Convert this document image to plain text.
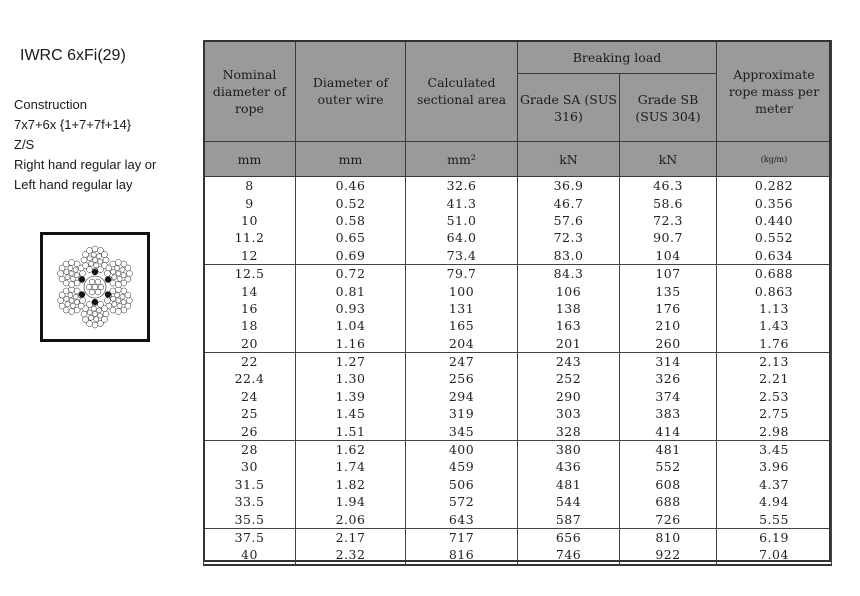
IWRC 6xFi(29)
Construction
7x7+6x {1+7+7f+14}
Z/S
Right hand regular lay or
Left hand regular lay
Nominal diameter of rope	Diameter of outer wire	Calculated sectional area	Breaking load		Approximate rope mass per meter
			Grade SA (SUS 316)	Grade SB (SUS 304)	
mm	mm	mm²	kN	kN	(kg/m)
8	0.46	32.6	36.9	46.3	0.282
9	0.52	41.3	46.7	58.6	0.356
10	0.58	51.0	57.6	72.3	0.440
11.2	0.65	64.0	72.3	90.7	0.552
12	0.69	73.4	83.0	104	0.634
12.5	0.72	79.7	84.3	107	0.688
14	0.81	100	106	135	0.863
16	0.93	131	138	176	1.13
18	1.04	165	163	210	1.43
20	1.16	204	201	260	1.76
22	1.27	247	243	314	2.13
22.4	1.30	256	252	326	2.21
24	1.39	294	290	374	2.53
25	1.45	319	303	383	2.75
26	1.51	345	328	414	2.98
28	1.62	400	380	481	3.45
30	1.74	459	436	552	3.96
31.5	1.82	506	481	608	4.37
33.5	1.94	572	544	688	4.94
35.5	2.06	643	587	726	5.55
37.5	2.17	717	656	810	6.19
40	2.32	816	746	922	7.04
